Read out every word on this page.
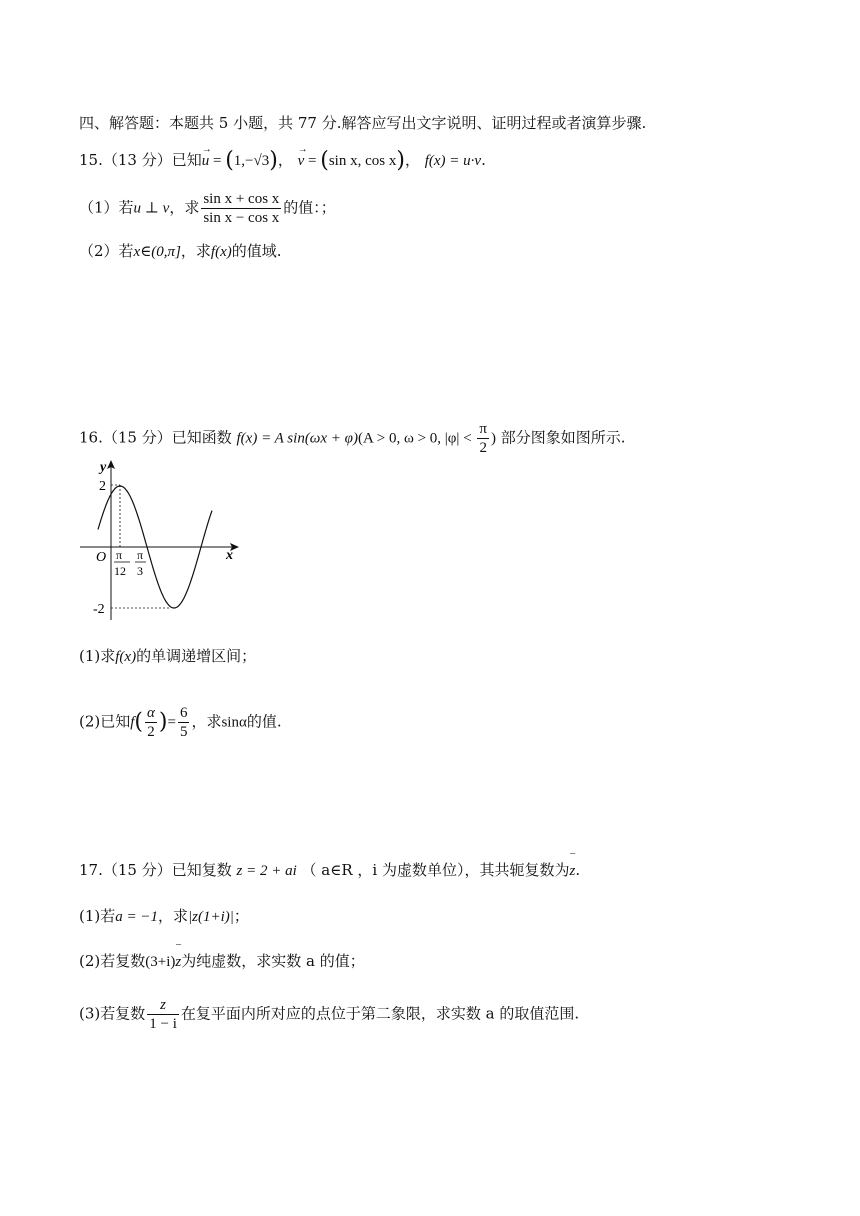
四、解答题：本题共 5 小题，共 77 分.解答应写出文字说明、证明过程或者演算步骤.
15.（13 分）已知→ u = (1,−√3)， → v = (sin x, cos x)， f(x) = u·v.
（1）若u ⊥ v，求 $\frac{\text{sin x + cos x}}{\text{sin x − cos x}}$ 的值：；
（2）若x∈(0,π]，求f(x)的值域.
16.（15 分）已知函数 f(x) = A sin(ωx + φ)(A > 0, ω > 0, $|\varphi| < \frac{\pi}{2}$ ) 部分图象如图所示.
y
x
O
2
-2
π
12
π
3
(1)求f(x)的单调递增区间；
(2)已知$f( \frac{\alpha}{2}$ )= $\frac{6}{5}$ ，求sinα的值.
17.（15 分）已知复数 z = 2 + ai （ a∈R ，i 为虚数单位），其共轭复数为‾ z.
(1)若a = −1，求|z(1+i)|；
(2)若复数(3+i)‾ z为纯虚数，求实数 a 的值；
(3)若复数 $\frac{z}{1 - i}$ 在复平面内所对应的点位于第二象限，求实数 a 的取值范围.
